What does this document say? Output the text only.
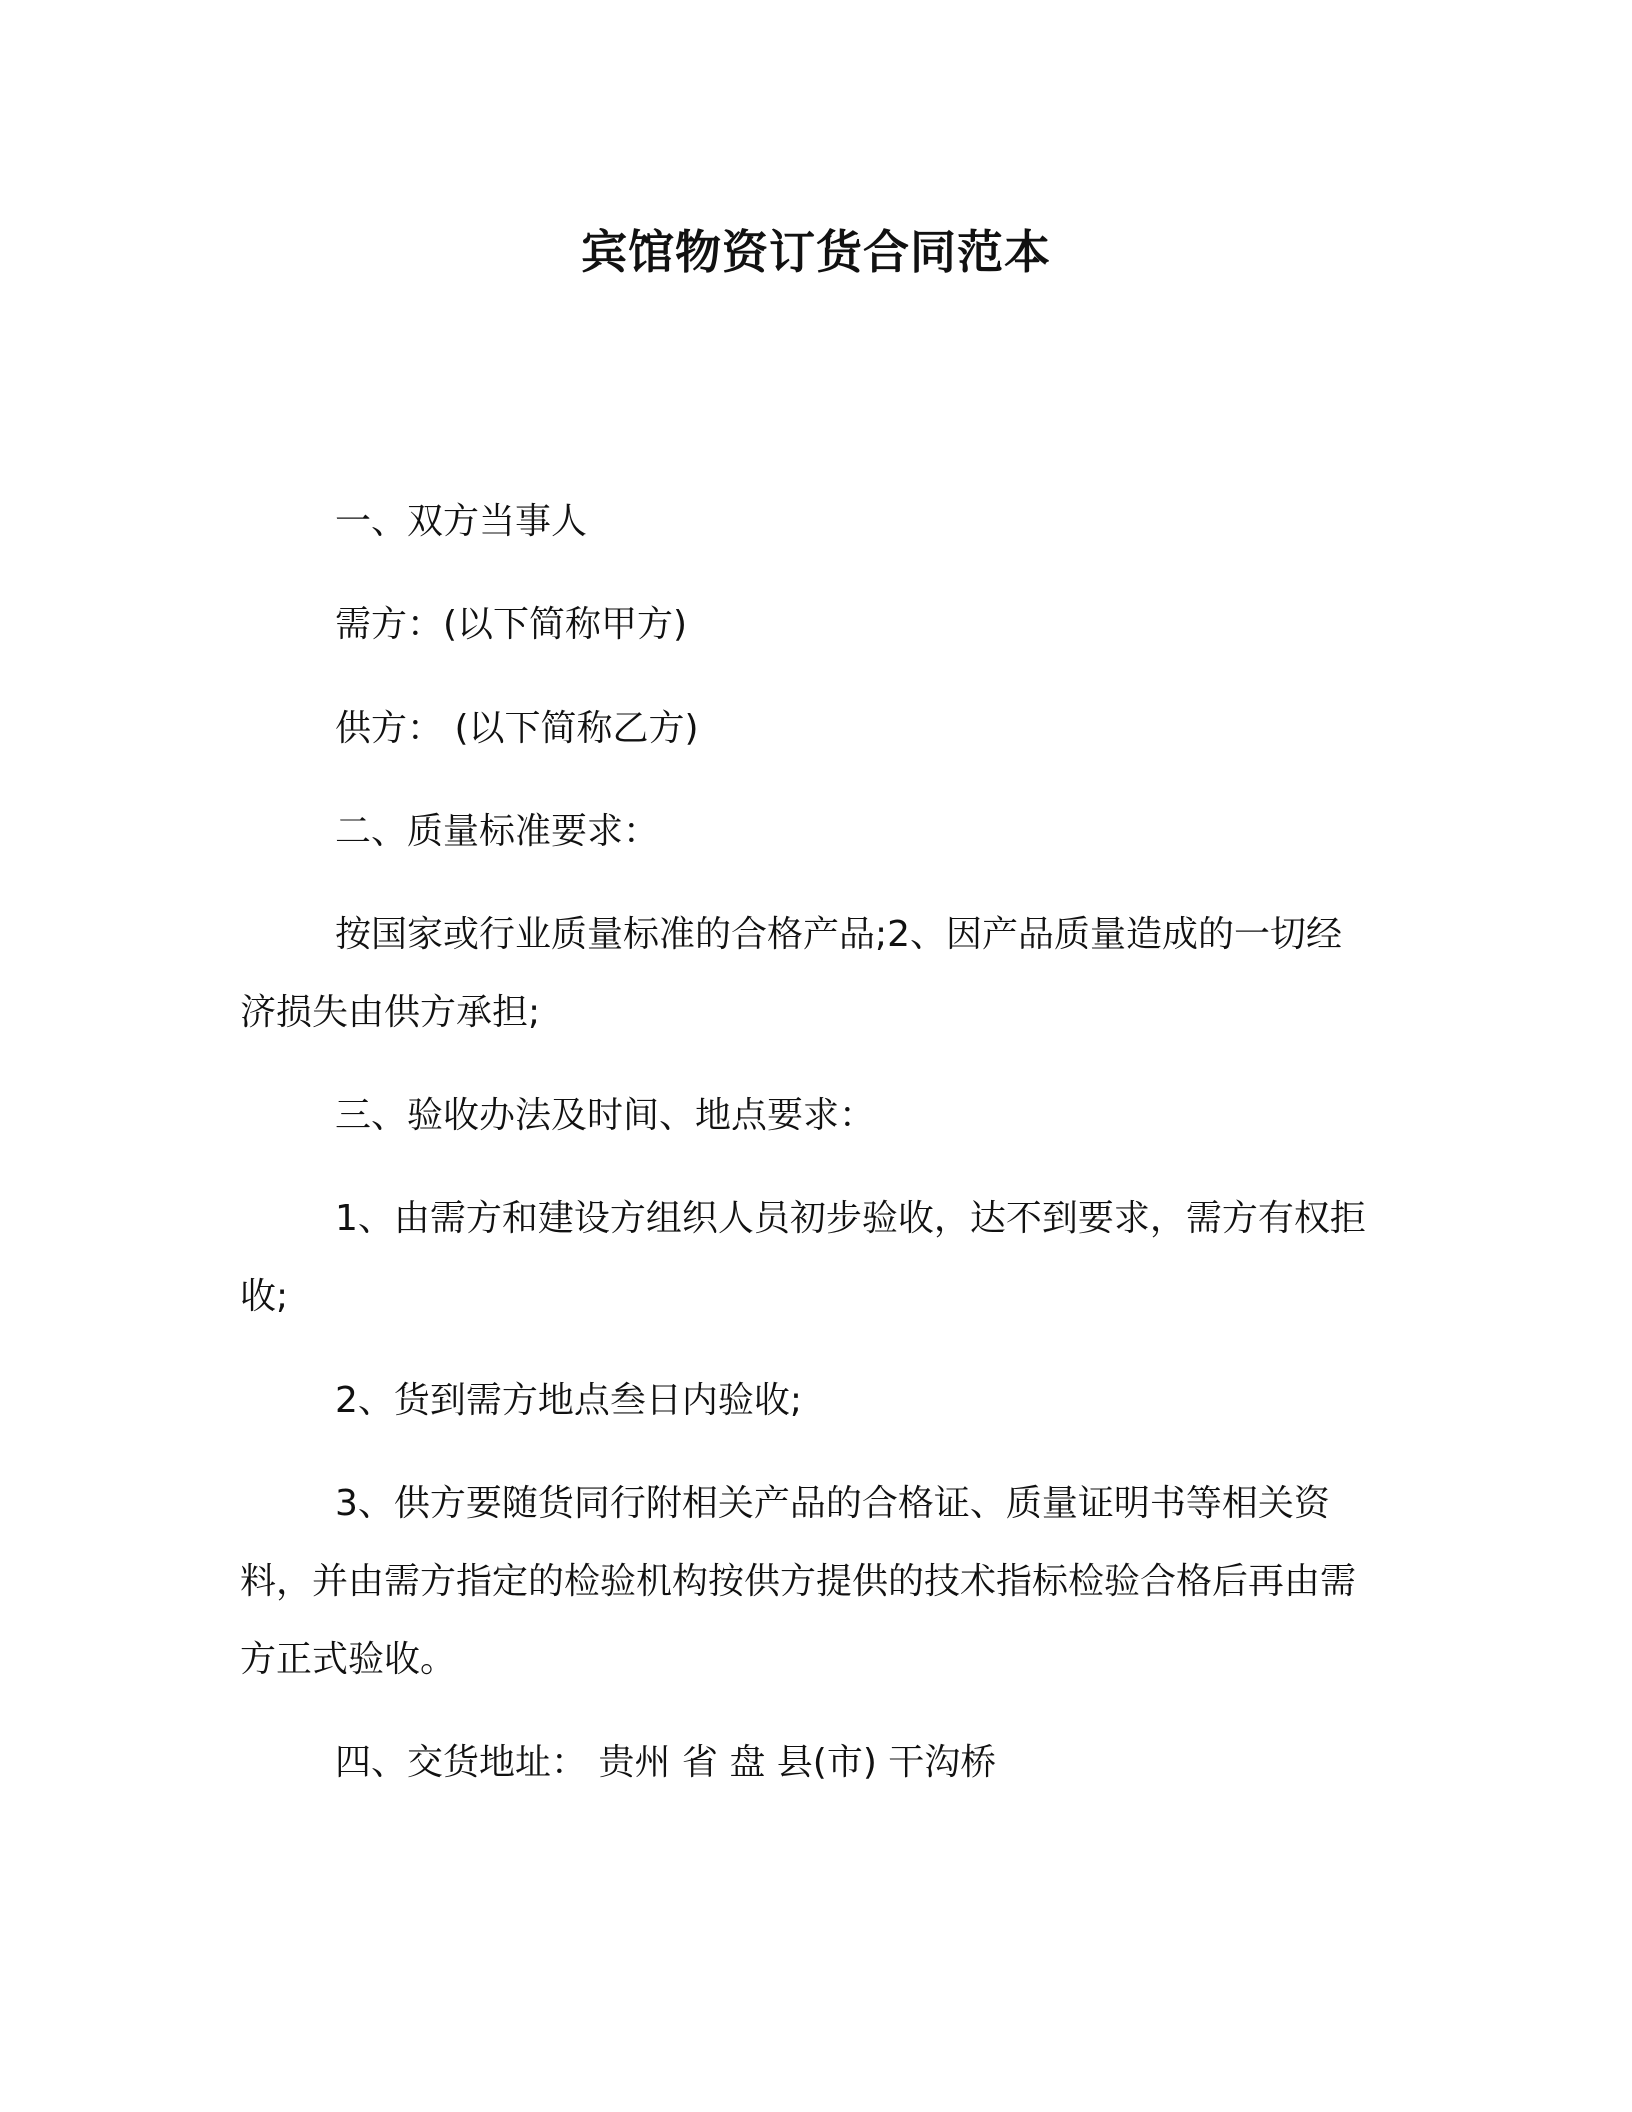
宾馆物资订货合同范本

一、双方当事人

需方：(以下简称甲方)

供方： (以下简称乙方)

二、质量标准要求：

按国家或行业质量标准的合格产品;2、因产品质量造成的一切经济损失由供方承担;

三、验收办法及时间、地点要求：

1、由需方和建设方组织人员初步验收，达不到要求，需方有权拒收;

2、货到需方地点叁日内验收;

3、供方要随货同行附相关产品的合格证、质量证明书等相关资料，并由需方指定的检验机构按供方提供的技术指标检验合格后再由需方正式验收。

四、交货地址： 贵州 省 盘 县(市) 干沟桥
